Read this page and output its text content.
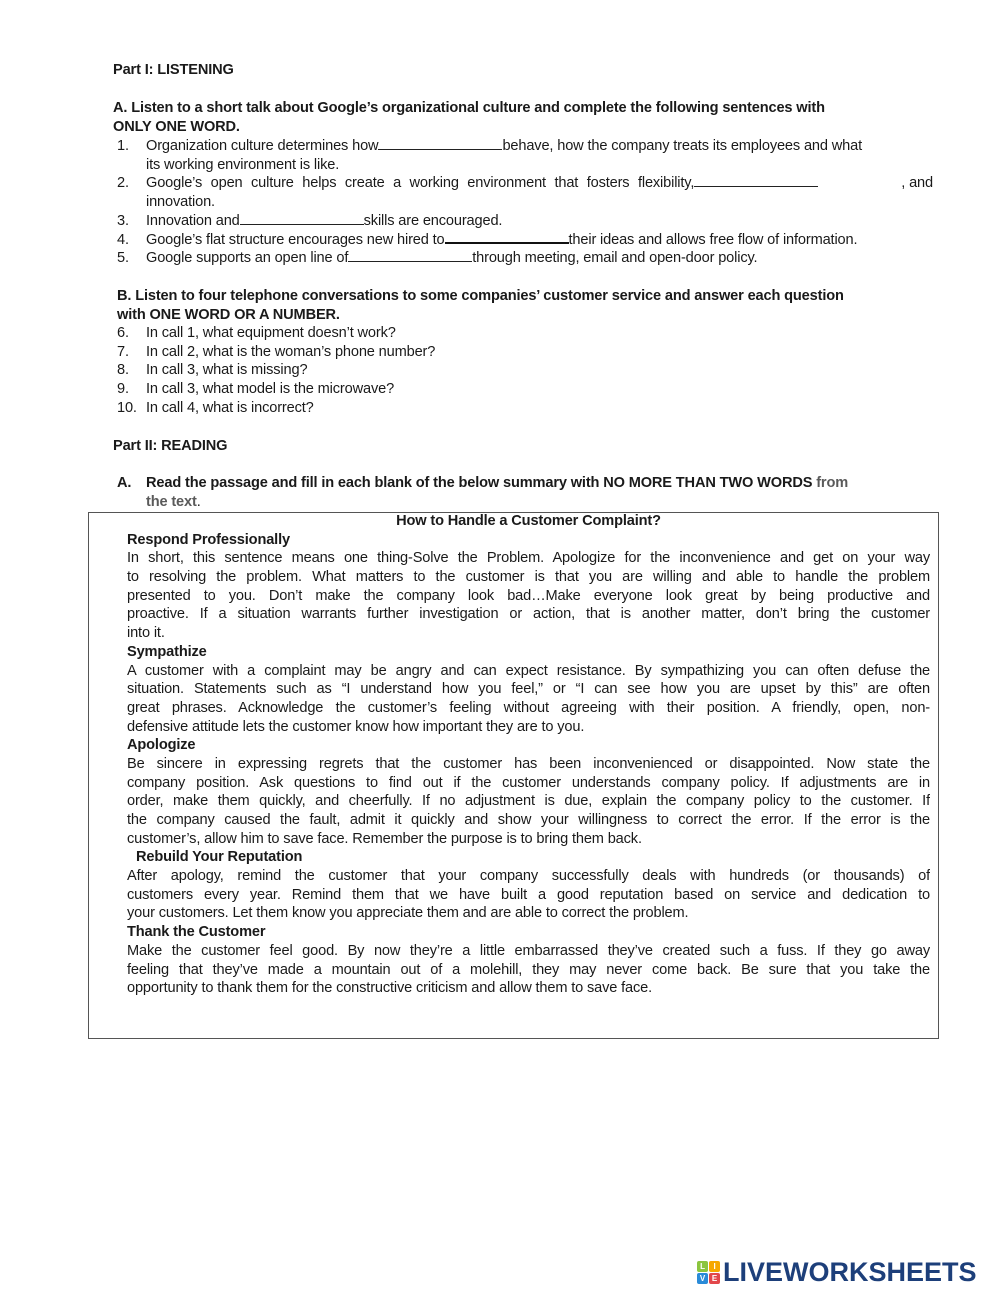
Part I: LISTENING
A. Listen to a short talk about Google’s organizational culture and complete the following sentences with
ONLY ONE WORD.
1. Organization culture determines how	behave, how the company treats its employees and what
its working environment is like.
2.	Google’s open culture helps create a working environment that fosters flexibility,	, and
innovation.
3. Innovation and	skills are encouraged.
4. Google’s flat structure encourages new hired to	their ideas and allows free flow of information.
5. Google supports an open line of	through meeting, email and open-door policy.
B. Listen to four telephone conversations to some companies’ customer service and answer each question
with ONE WORD OR A NUMBER.
6. In call 1, what equipment doesn’t work?
7. In call 2, what is the woman’s phone number?
8. In call 3, what is missing?
9. In call 3, what model is the microwave?
10. In call 4, what is incorrect?
Part II: READING
A. Read the passage and fill in each blank of the below summary with NO MORE THAN TWO WORDS from
the text.
How to Handle a Customer Complaint?
Respond Professionally
In short, this sentence means one thing-Solve the Problem. Apologize for the inconvenience and get on your way
to resolving the problem. What matters to the customer is that you are willing and able to handle the problem
presented to you. Don’t make the company look bad…Make everyone look great by being productive and
proactive. If a situation warrants further investigation or action, that is another matter, don’t bring the customer
into it.
Sympathize
A customer with a complaint may be angry and can expect resistance. By sympathizing you can often defuse the
situation. Statements such as “I understand how you feel,” or “I can see how you are upset by this” are often
great phrases. Acknowledge the customer’s feeling without agreeing with their position. A friendly, open, non-
defensive attitude lets the customer know how important they are to you.
Apologize
Be sincere in expressing regrets that the customer has been inconvenienced or disappointed. Now state the
company position. Ask questions to find out if the customer understands company policy. If adjustments are in
order, make them quickly, and cheerfully. If no adjustment is due, explain the company policy to the customer. If
the company caused the fault, admit it quickly and show your willingness to correct the error. If the error is the
customer’s, allow him to save face. Remember the purpose is to bring them back.
Rebuild Your Reputation
After apology, remind the customer that your company successfully deals with hundreds (or thousands) of
customers every year. Remind them that we have built a good reputation based on service and dedication to
your customers. Let them know you appreciate them and are able to correct the problem.
Thank the Customer
Make the customer feel good. By now they’re a little embarrassed they’ve created such a fuss. If they go away
feeling that they’ve made a mountain out of a molehill, they may never come back. Be sure that you take the
opportunity to thank them for the constructive criticism and allow them to save face.
L	I
V E LIVEWORKSHEETS
